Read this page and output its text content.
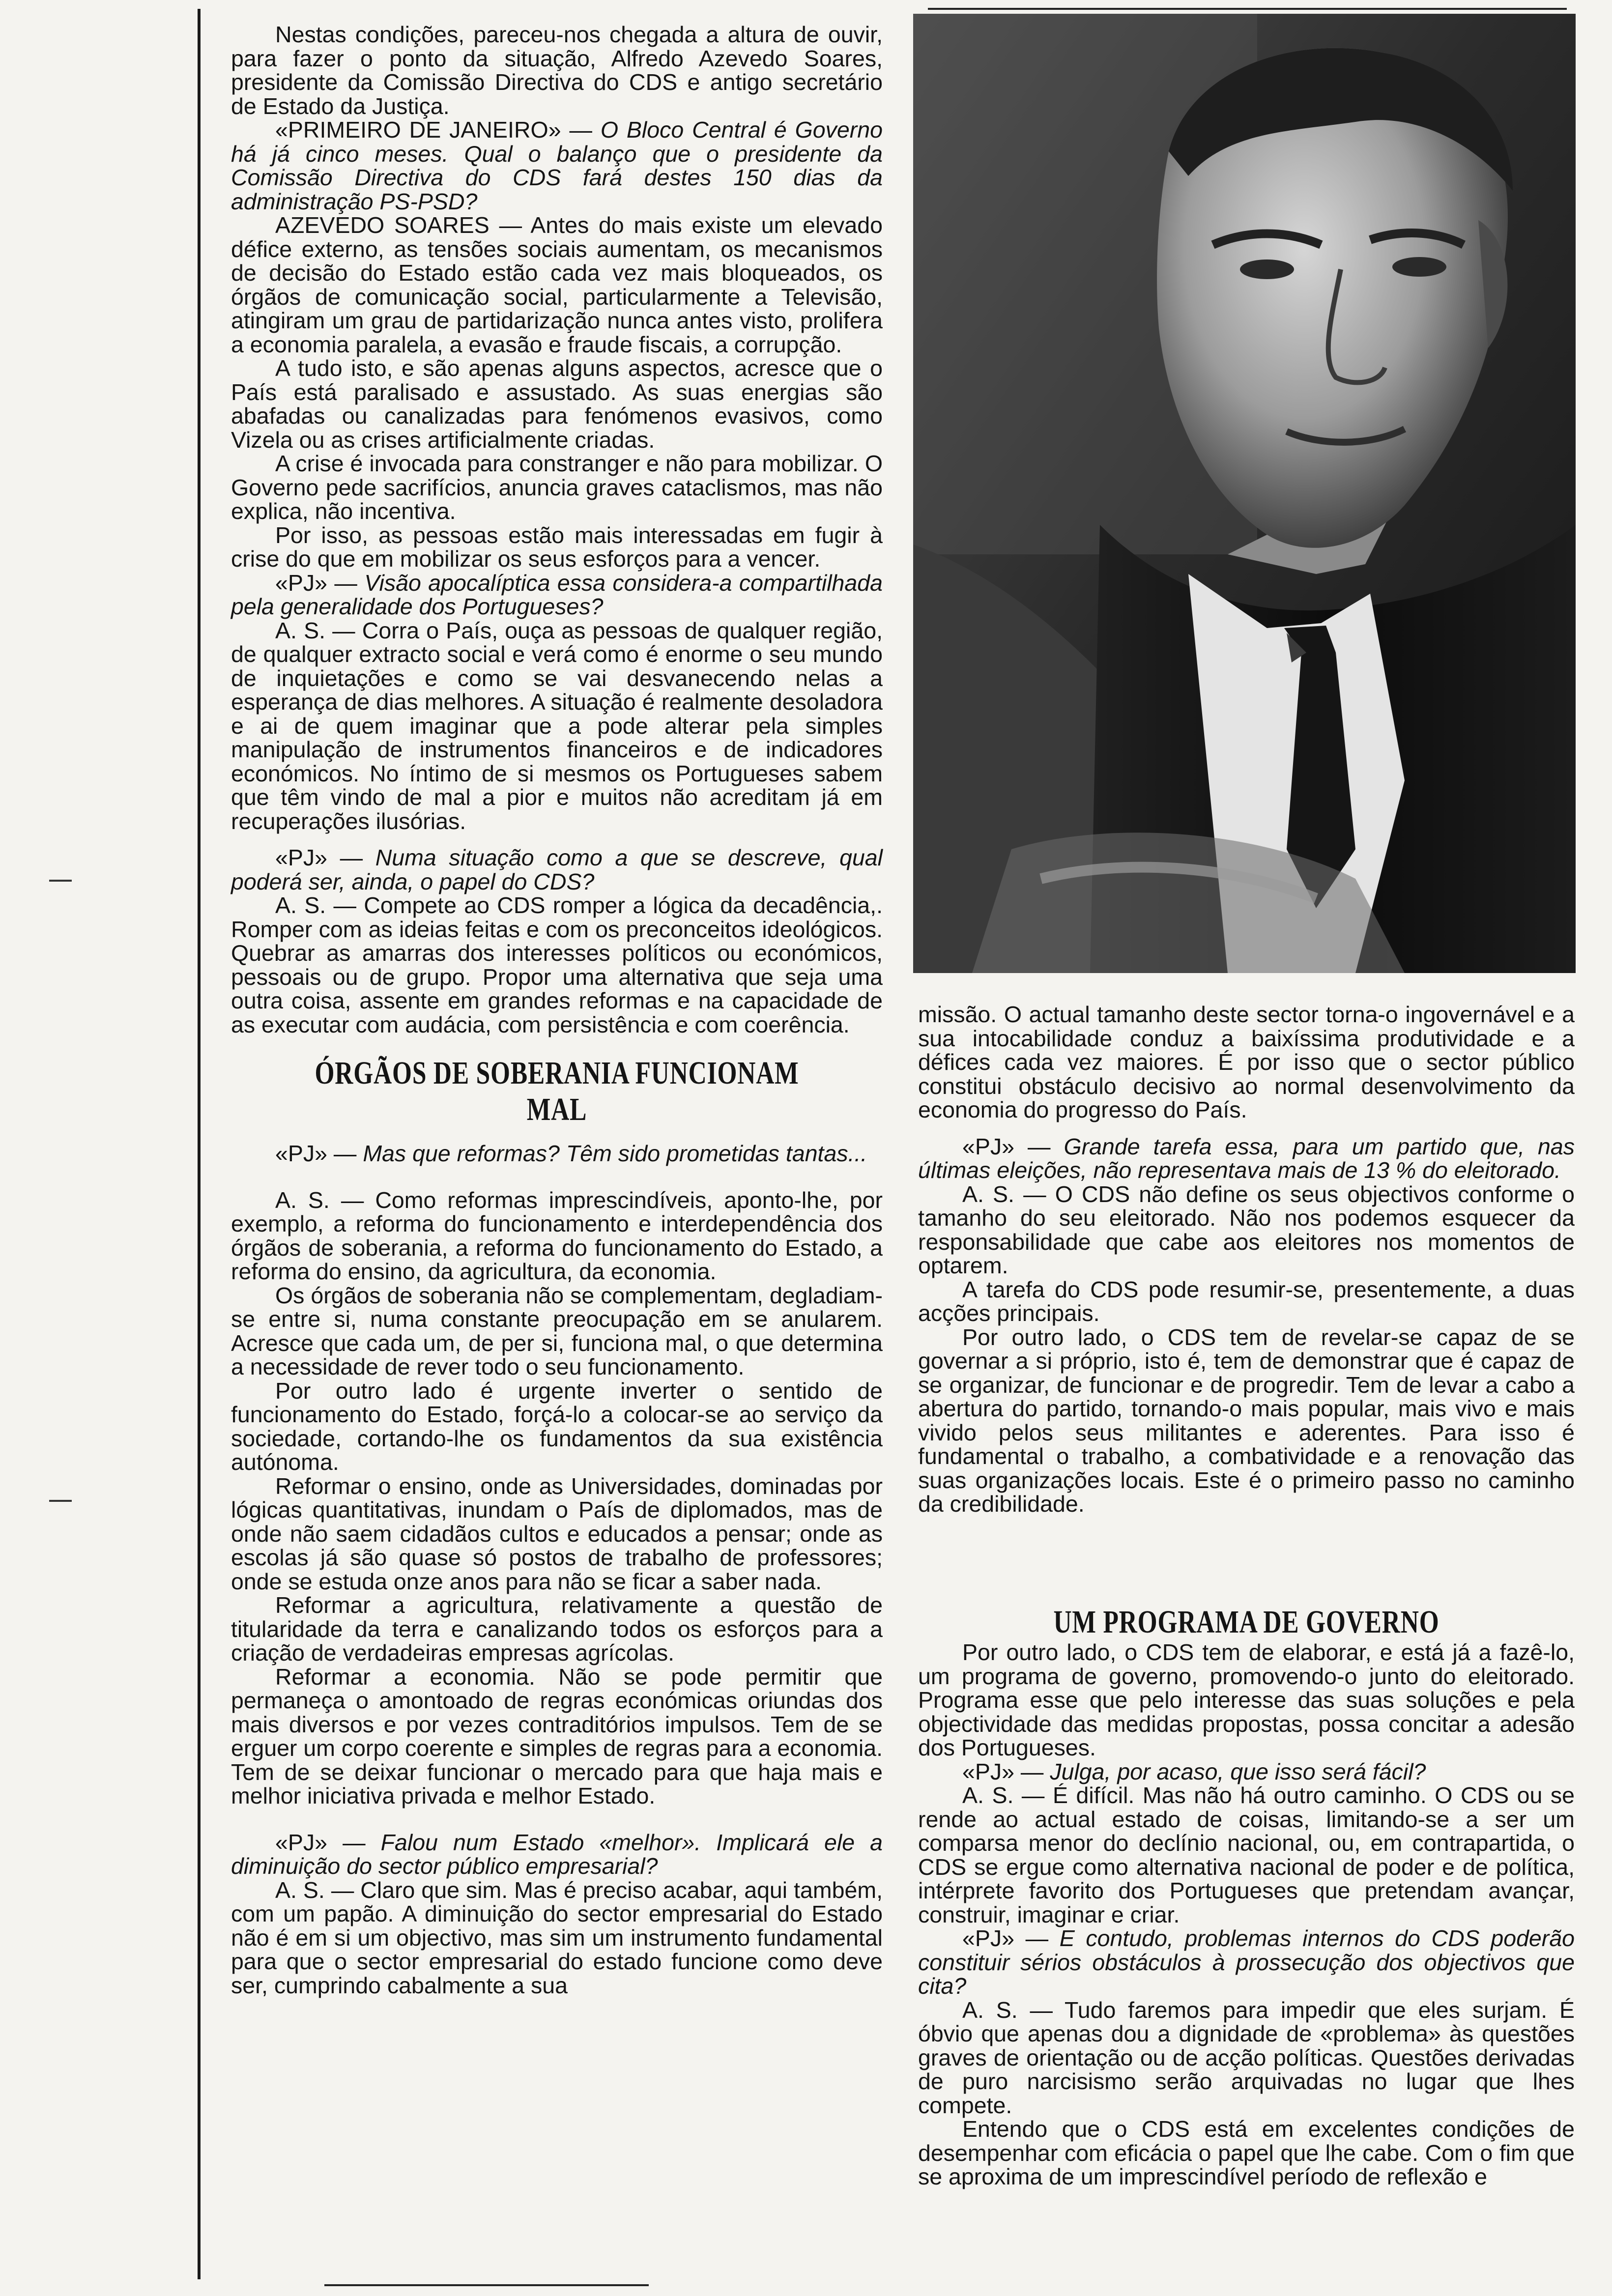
Nestas condições, pareceu-nos chegada a altura de ouvir, para fazer o ponto da situação, Alfredo Azevedo Soares, presidente da Comissão Directiva do CDS e antigo secretário de Estado da Justiça.

«PRIMEIRO DE JANEIRO» — O Bloco Central é Governo há já cinco meses. Qual o balanço que o presidente da Comissão Directiva do CDS fará destes 150 dias da administração PS-PSD?

AZEVEDO SOARES — Antes do mais existe um elevado défice externo, as tensões sociais aumentam, os mecanismos de decisão do Estado estão cada vez mais bloqueados, os órgãos de comunicação social, particularmente a Televisão, atingiram um grau de partidarização nunca antes visto, prolifera a economia paralela, a evasão e fraude fiscais, a corrupção.

A tudo isto, e são apenas alguns aspectos, acresce que o País está paralisado e assustado. As suas energias são abafadas ou canalizadas para fenómenos evasivos, como Vizela ou as crises artificialmente criadas.

A crise é invocada para constranger e não para mobilizar. O Governo pede sacrifícios, anuncia graves cataclismos, mas não explica, não incentiva.

Por isso, as pessoas estão mais interessadas em fugir à crise do que em mobilizar os seus esforços para a vencer.

«PJ» — Visão apocalíptica essa considera-a compartilhada pela generalidade dos Portugueses?

A. S. — Corra o País, ouça as pessoas de qualquer região, de qualquer extracto social e verá como é enorme o seu mundo de inquietações e como se vai desvanecendo nelas a esperança de dias melhores. A situação é realmente desoladora e ai de quem imaginar que a pode alterar pela simples manipulação de instrumentos financeiros e de indicadores económicos. No íntimo de si mesmos os Portugueses sabem que têm vindo de mal a pior e muitos não acreditam já em recuperações ilusórias.

«PJ» — Numa situação como a que se descreve, qual poderá ser, ainda, o papel do CDS?

A. S. — Compete ao CDS romper a lógica da decadência,. Romper com as ideias feitas e com os preconceitos ideológicos. Quebrar as amarras dos interesses políticos ou económicos, pessoais ou de grupo. Propor uma alternativa que seja uma outra coisa, assente em grandes reformas e na capacidade de as executar com audácia, com persistência e com coerência.

ÓRGÃOS DE SOBERANIA FUNCIONAM MAL

«PJ» — Mas que reformas? Têm sido prometidas tantas...

A. S. — Como reformas imprescindíveis, aponto-lhe, por exemplo, a reforma do funcionamento e interdependência dos órgãos de soberania, a reforma do funcionamento do Estado, a reforma do ensino, da agricultura, da economia.

Os órgãos de soberania não se complementam, degladiam-se entre si, numa constante preocupação em se anularem. Acresce que cada um, de per si, funciona mal, o que determina a necessidade de rever todo o seu funcionamento.

Por outro lado é urgente inverter o sentido de funcionamento do Estado, forçá-lo a colocar-se ao serviço da sociedade, cortando-lhe os fundamentos da sua existência autónoma.

Reformar o ensino, onde as Universidades, dominadas por lógicas quantitativas, inundam o País de diplomados, mas de onde não saem cidadãos cultos e educados a pensar; onde as escolas já são quase só postos de trabalho de professores; onde se estuda onze anos para não se ficar a saber nada.

Reformar a agricultura, relativamente a questão de titularidade da terra e canalizando todos os esforços para a criação de verdadeiras empresas agrícolas.

Reformar a economia. Não se pode permitir que permaneça o amontoado de regras económicas oriundas dos mais diversos e por vezes contraditórios impulsos. Tem de se erguer um corpo coerente e simples de regras para a economia. Tem de se deixar funcionar o mercado para que haja mais e melhor iniciativa privada e melhor Estado.

«PJ» — Falou num Estado «melhor». Implicará ele a diminuição do sector público empresarial?

A. S. — Claro que sim. Mas é preciso acabar, aqui também, com um papão. A diminuição do sector empresarial do Estado não é em si um objectivo, mas sim um instrumento fundamental para que o sector empresarial do estado funcione como deve ser, cumprindo cabalmente a sua

missão. O actual tamanho deste sector torna-o ingovernável e a sua intocabilidade conduz a baixíssima produtividade e a défices cada vez maiores. É por isso que o sector público constitui obstáculo decisivo ao normal desenvolvimento da economia do progresso do País.

«PJ» — Grande tarefa essa, para um partido que, nas últimas eleições, não representava mais de 13 % do eleitorado.

A. S. — O CDS não define os seus objectivos conforme o tamanho do seu eleitorado. Não nos podemos esquecer da responsabilidade que cabe aos eleitores nos momentos de optarem.

A tarefa do CDS pode resumir-se, presentemente, a duas acções principais.

Por outro lado, o CDS tem de revelar-se capaz de se governar a si próprio, isto é, tem de demonstrar que é capaz de se organizar, de funcionar e de progredir. Tem de levar a cabo a abertura do partido, tornando-o mais popular, mais vivo e mais vivido pelos seus militantes e aderentes. Para isso é fundamental o trabalho, a combatividade e a renovação das suas organizações locais. Este é o primeiro passo no caminho da credibilidade.

UM PROGRAMA DE GOVERNO

Por outro lado, o CDS tem de elaborar, e está já a fazê-lo, um programa de governo, promovendo-o junto do eleitorado. Programa esse que pelo interesse das suas soluções e pela objectividade das medidas propostas, possa concitar a adesão dos Portugueses.

«PJ» — Julga, por acaso, que isso será fácil?

A. S. — É difícil. Mas não há outro caminho. O CDS ou se rende ao actual estado de coisas, limitando-se a ser um comparsa menor do declínio nacional, ou, em contrapartida, o CDS se ergue como alternativa nacional de poder e de política, intérprete favorito dos Portugueses que pretendam avançar, construir, imaginar e criar.

«PJ» — E contudo, problemas internos do CDS poderão constituir sérios obstáculos à prossecução dos objectivos que cita?

A. S. — Tudo faremos para impedir que eles surjam. É óbvio que apenas dou a dignidade de «problema» às questões graves de orientação ou de acção políticas. Questões derivadas de puro narcisismo serão arquivadas no lugar que lhes compete.

Entendo que o CDS está em excelentes condições de desempenhar com eficácia o papel que lhe cabe. Com o fim que se aproxima de um imprescindível período de reflexão e
